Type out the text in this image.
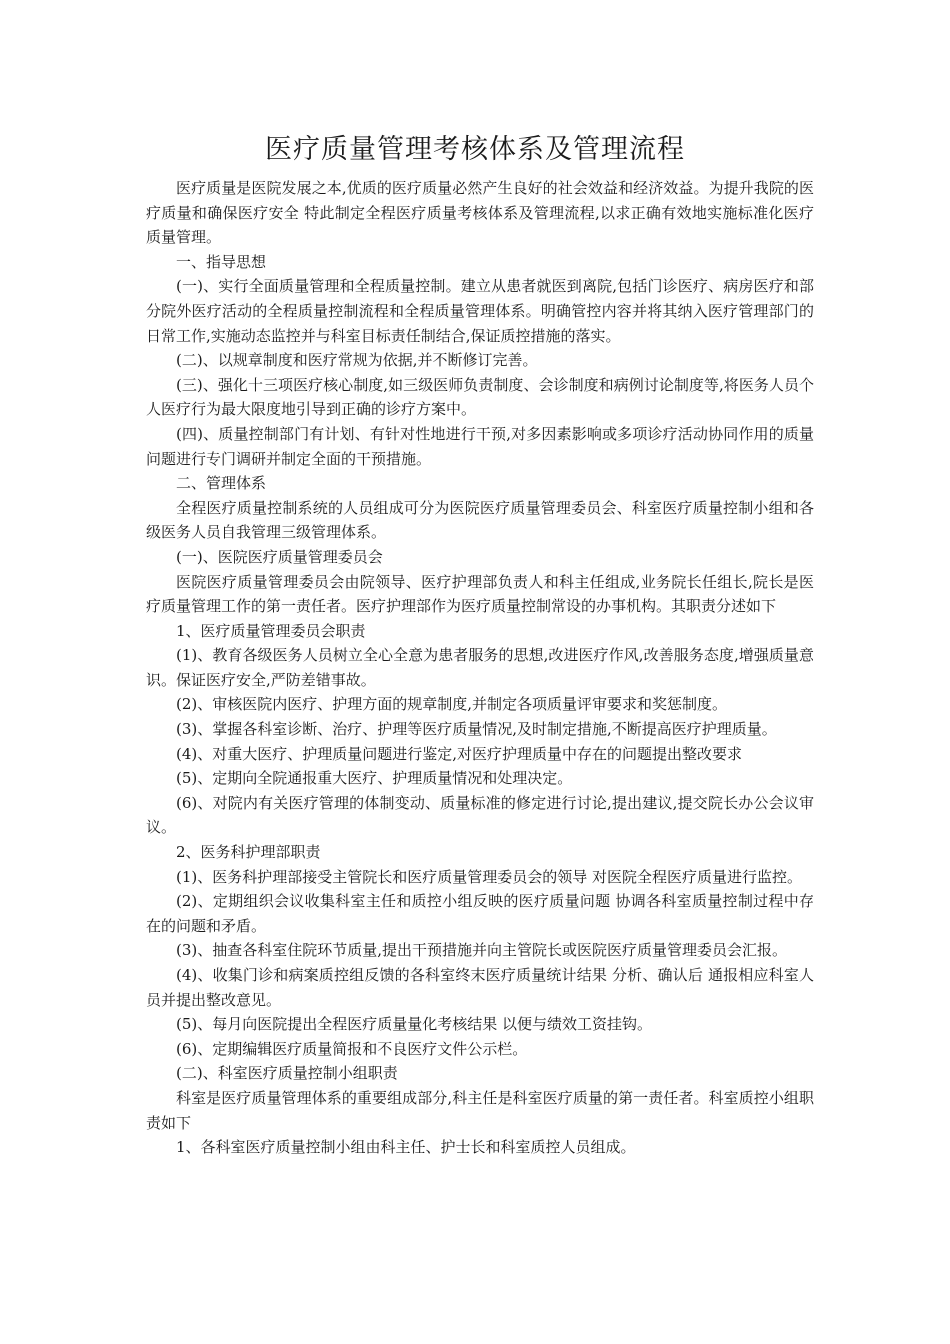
医疗质量管理考核体系及管理流程

医疗质量是医院发展之本,优质的医疗质量必然产生良好的社会效益和经济效益。为提升我院的医疗质量和确保医疗安全 特此制定全程医疗质量考核体系及管理流程,以求正确有效地实施标准化医疗质量管理。

一、指导思想

(一)、实行全面质量管理和全程质量控制。建立从患者就医到离院,包括门诊医疗、病房医疗和部分院外医疗活动的全程质量控制流程和全程质量管理体系。明确管控内容并将其纳入医疗管理部门的日常工作,实施动态监控并与科室目标责任制结合,保证质控措施的落实。

(二)、以规章制度和医疗常规为依据,并不断修订完善。

(三)、强化十三项医疗核心制度,如三级医师负责制度、会诊制度和病例讨论制度等,将医务人员个人医疗行为最大限度地引导到正确的诊疗方案中。

(四)、质量控制部门有计划、有针对性地进行干预,对多因素影响或多项诊疗活动协同作用的质量问题进行专门调研并制定全面的干预措施。

二、管理体系

全程医疗质量控制系统的人员组成可分为医院医疗质量管理委员会、科室医疗质量控制小组和各级医务人员自我管理三级管理体系。

(一)、医院医疗质量管理委员会

医院医疗质量管理委员会由院领导、医疗护理部负责人和科主任组成,业务院长任组长,院长是医疗质量管理工作的第一责任者。医疗护理部作为医疗质量控制常设的办事机构。其职责分述如下

1、医疗质量管理委员会职责

(1)、教育各级医务人员树立全心全意为患者服务的思想,改进医疗作风,改善服务态度,增强质量意识。保证医疗安全,严防差错事故。

(2)、审核医院内医疗、护理方面的规章制度,并制定各项质量评审要求和奖惩制度。

(3)、掌握各科室诊断、治疗、护理等医疗质量情况,及时制定措施,不断提高医疗护理质量。

(4)、对重大医疗、护理质量问题进行鉴定,对医疗护理质量中存在的问题提出整改要求

(5)、定期向全院通报重大医疗、护理质量情况和处理决定。

(6)、对院内有关医疗管理的体制变动、质量标准的修定进行讨论,提出建议,提交院长办公会议审议。

2、医务科护理部职责

(1)、医务科护理部接受主管院长和医疗质量管理委员会的领导 对医院全程医疗质量进行监控。

(2)、定期组织会议收集科室主任和质控小组反映的医疗质量问题 协调各科室质量控制过程中存在的问题和矛盾。

(3)、抽查各科室住院环节质量,提出干预措施并向主管院长或医院医疗质量管理委员会汇报。

(4)、收集门诊和病案质控组反馈的各科室终末医疗质量统计结果 分析、确认后 通报相应科室人员并提出整改意见。

(5)、每月向医院提出全程医疗质量量化考核结果 以便与绩效工资挂钩。

(6)、定期编辑医疗质量简报和不良医疗文件公示栏。

(二)、科室医疗质量控制小组职责

科室是医疗质量管理体系的重要组成部分,科主任是科室医疗质量的第一责任者。科室质控小组职责如下

1、各科室医疗质量控制小组由科主任、护士长和科室质控人员组成。
